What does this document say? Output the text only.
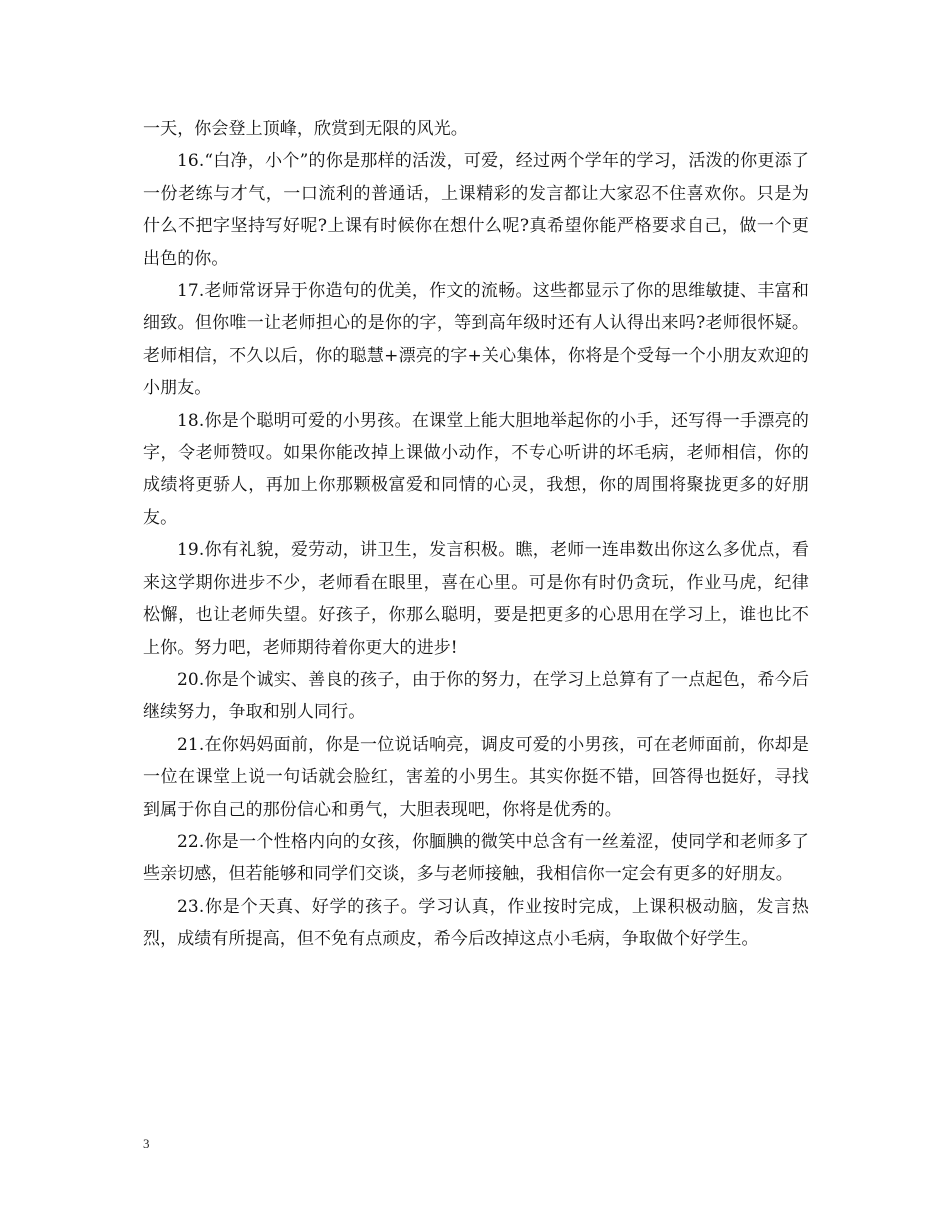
一天，你会登上顶峰，欣赏到无限的风光。

16.“白净，小个”的你是那样的活泼，可爱，经过两个学年的学习，活泼的你更添了一份老练与才气，一口流利的普通话，上课精彩的发言都让大家忍不住喜欢你。只是为什么不把字坚持写好呢?上课有时候你在想什么呢?真希望你能严格要求自己，做一个更出色的你。

17.老师常讶异于你造句的优美，作文的流畅。这些都显示了你的思维敏捷、丰富和细致。但你唯一让老师担心的是你的字，等到高年级时还有人认得出来吗?老师很怀疑。老师相信，不久以后，你的聪慧+漂亮的字+关心集体，你将是个受每一个小朋友欢迎的小朋友。

18.你是个聪明可爱的小男孩。在课堂上能大胆地举起你的小手，还写得一手漂亮的字，令老师赞叹。如果你能改掉上课做小动作，不专心听讲的坏毛病，老师相信，你的成绩将更骄人，再加上你那颗极富爱和同情的心灵，我想，你的周围将聚拢更多的好朋友。

19.你有礼貌，爱劳动，讲卫生，发言积极。瞧，老师一连串数出你这么多优点，看来这学期你进步不少，老师看在眼里，喜在心里。可是你有时仍贪玩，作业马虎，纪律松懈，也让老师失望。好孩子，你那么聪明，要是把更多的心思用在学习上，谁也比不上你。努力吧，老师期待着你更大的进步!

20.你是个诚实、善良的孩子，由于你的努力，在学习上总算有了一点起色，希今后继续努力，争取和别人同行。

21.在你妈妈面前，你是一位说话响亮，调皮可爱的小男孩，可在老师面前，你却是一位在课堂上说一句话就会脸红，害羞的小男生。其实你挺不错，回答得也挺好，寻找到属于你自己的那份信心和勇气，大胆表现吧，你将是优秀的。

22.你是一个性格内向的女孩，你腼腆的微笑中总含有一丝羞涩，使同学和老师多了些亲切感，但若能够和同学们交谈，多与老师接触，我相信你一定会有更多的好朋友。

23.你是个天真、好学的孩子。学习认真，作业按时完成，上课积极动脑，发言热烈，成绩有所提高，但不免有点顽皮，希今后改掉这点小毛病，争取做个好学生。

3
